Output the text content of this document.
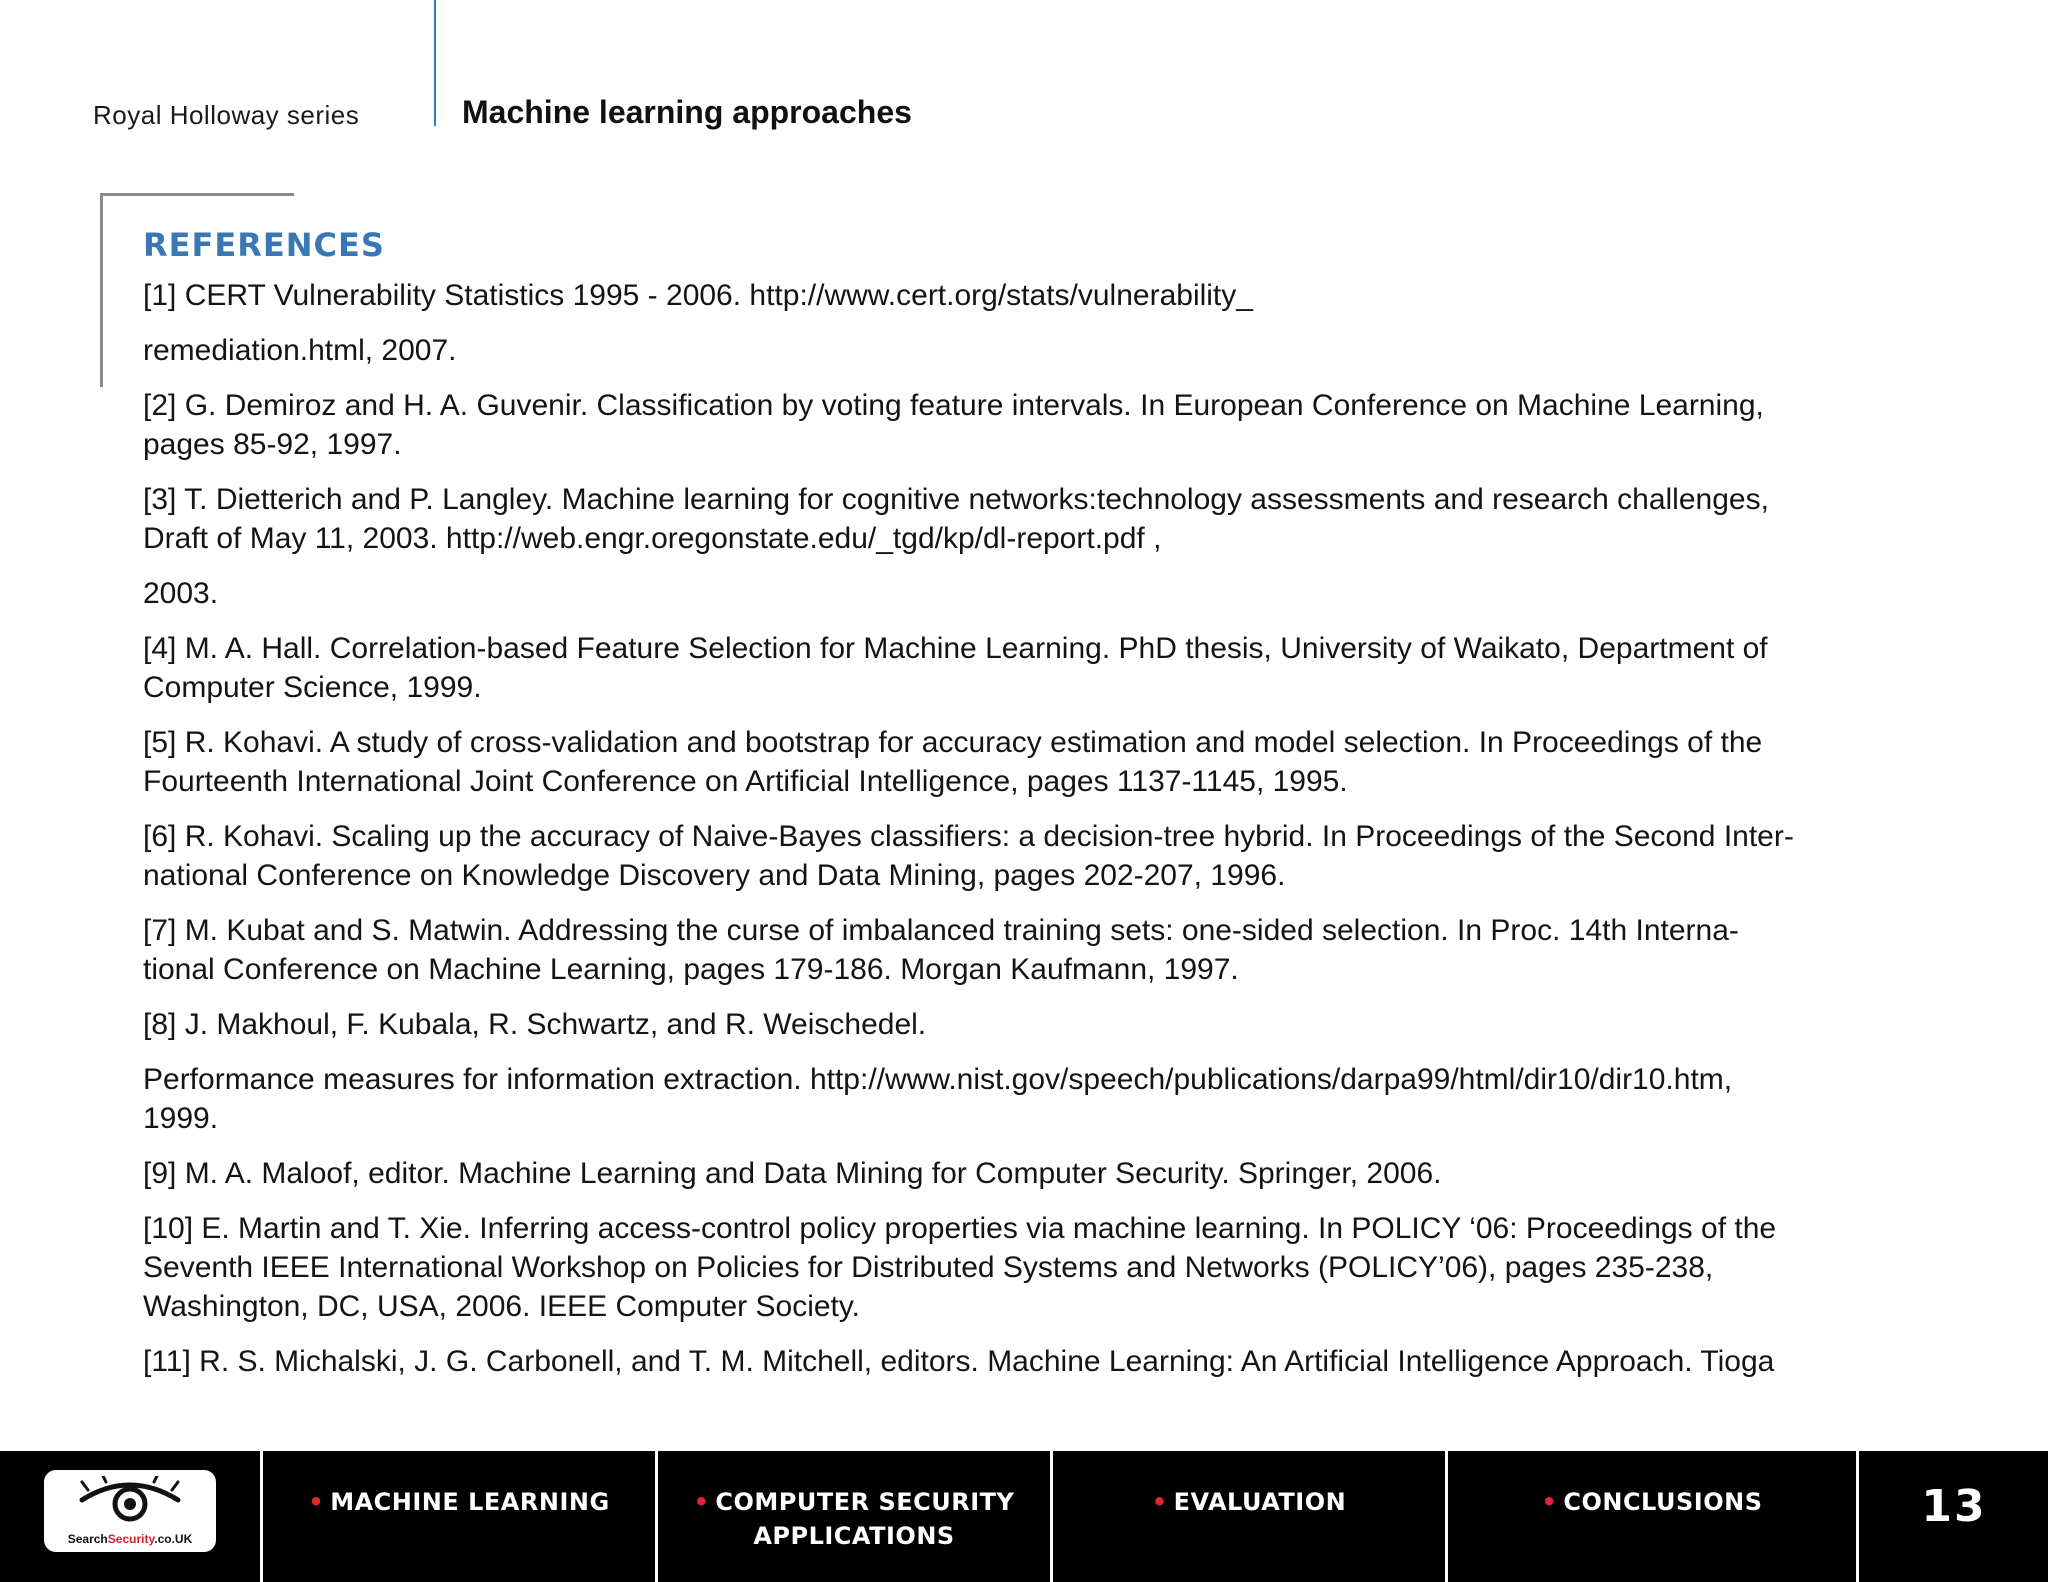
Royal Holloway series	Machine learning approaches
REFERENCES
[1] CERT Vulnerability Statistics 1995 - 2006. http://www.cert.org/stats/vulnerability_
remediation.html, 2007.
[2] G. Demiroz and H. A. Guvenir. Classification by voting feature intervals. In European Conference on Machine Learning,
pages 85-92, 1997.
[3] T. Dietterich and P. Langley. Machine learning for cognitive networks:technology assessments and research challenges,
Draft of May 11, 2003. http://web.engr.oregonstate.edu/_tgd/kp/dl-report.pdf ,
2003.
[4] M. A. Hall. Correlation-based Feature Selection for Machine Learning. PhD thesis, University of Waikato, Department of
Computer Science, 1999.
[5] R. Kohavi. A study of cross-validation and bootstrap for accuracy estimation and model selection. In Proceedings of the
Fourteenth International Joint Conference on Artificial Intelligence, pages 1137-1145, 1995.
[6] R. Kohavi. Scaling up the accuracy of Naive-Bayes classifiers: a decision-tree hybrid. In Proceedings of the Second Inter-
national Conference on Knowledge Discovery and Data Mining, pages 202-207, 1996.
[7] M. Kubat and S. Matwin. Addressing the curse of imbalanced training sets: one-sided selection. In Proc. 14th Interna-
tional Conference on Machine Learning, pages 179-186. Morgan Kaufmann, 1997.
[8] J. Makhoul, F. Kubala, R. Schwartz, and R. Weischedel.
Performance measures for information extraction. http://www.nist.gov/speech/publications/darpa99/html/dir10/dir10.htm,
1999.
[9] M. A. Maloof, editor. Machine Learning and Data Mining for Computer Security. Springer, 2006.
[10] E. Martin and T. Xie. Inferring access-control policy properties via machine learning. In POLICY ‘06: Proceedings of the
Seventh IEEE International Workshop on Policies for Distributed Systems and Networks (POLICY’06), pages 235-238,
Washington, DC, USA, 2006. IEEE Computer Society.
[11] R. S. Michalski, J. G. Carbonell, and T. M. Mitchell, editors. Machine Learning: An Artificial Intelligence Approach. Tioga
SearchSecurity.co.UK
• MACHINE LEARNING	• COMPUTER SECURITY
APPLICATIONS
• EVALUATION	• CONCLUSIONS	13
